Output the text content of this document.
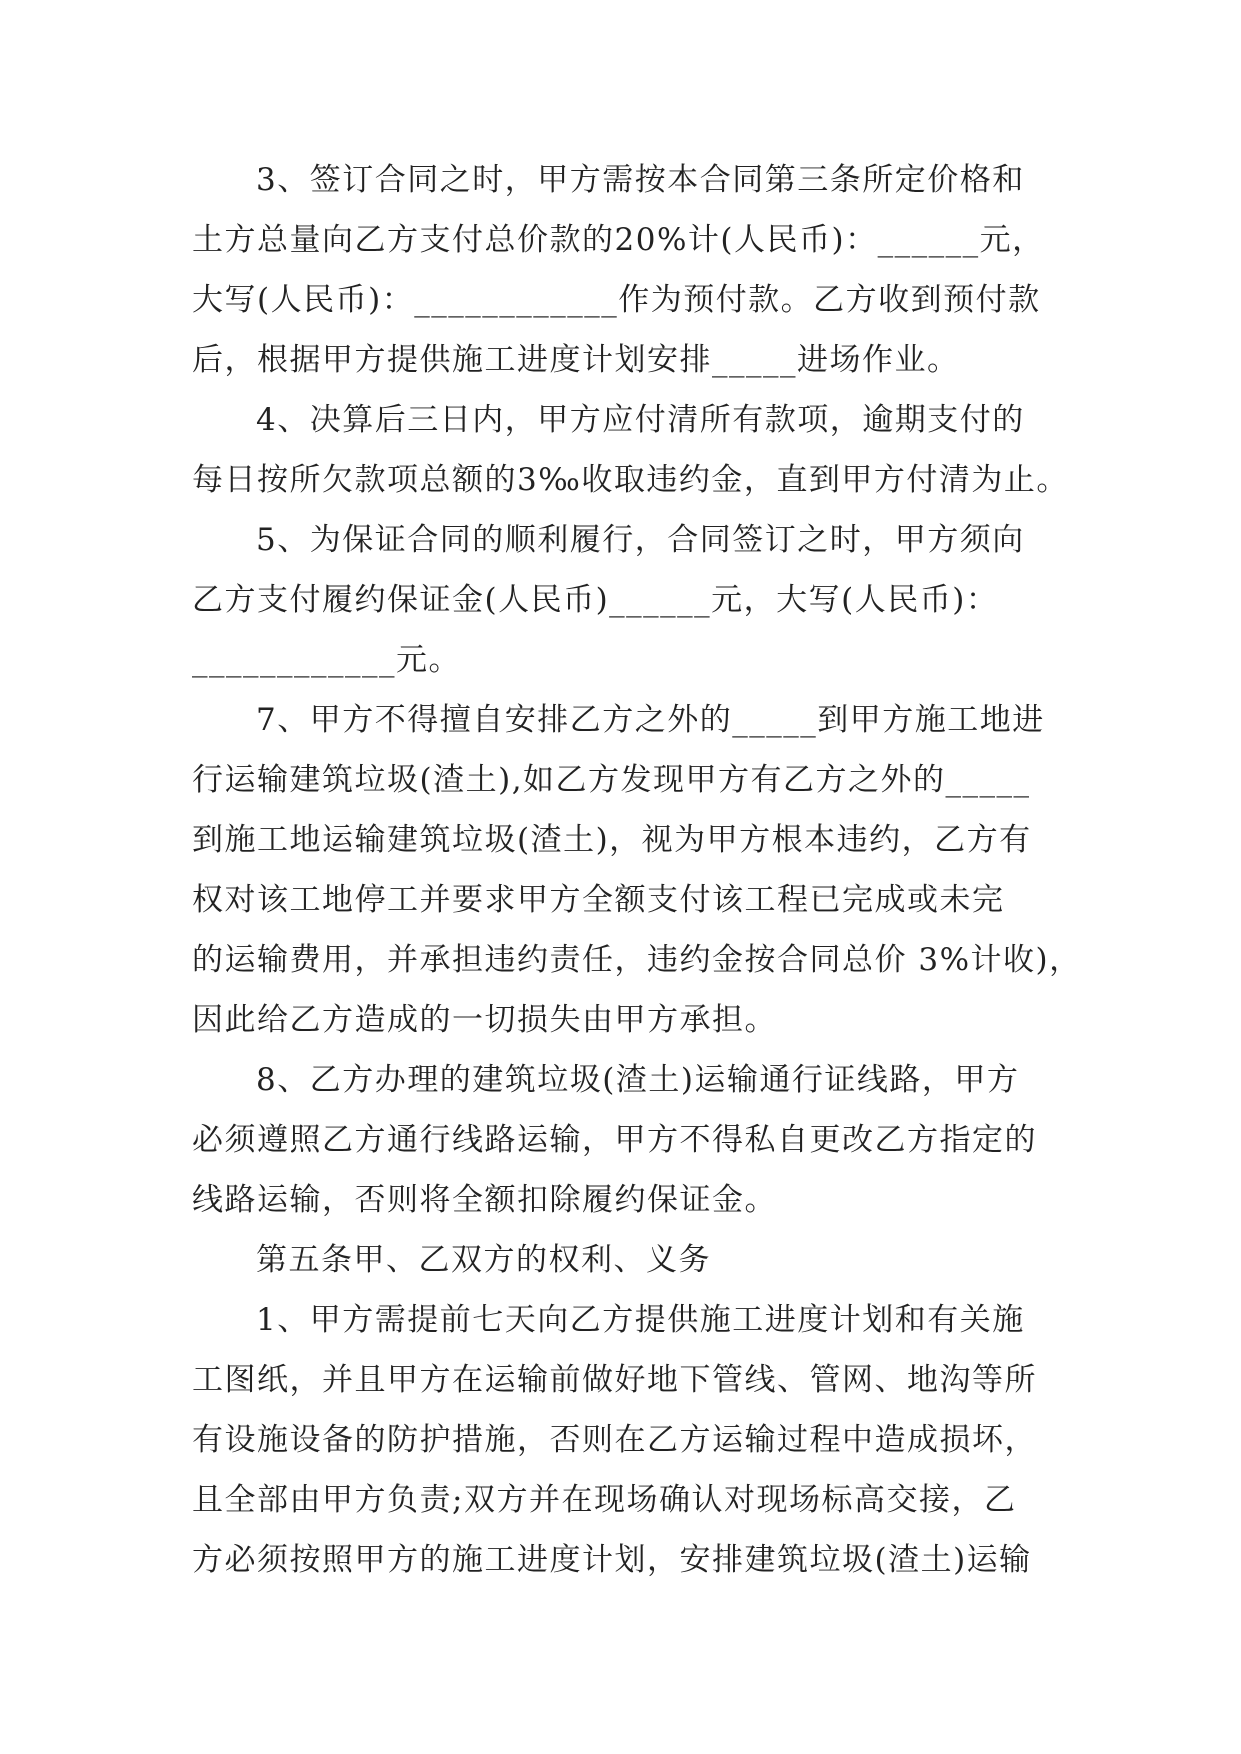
3、签订合同之时，甲方需按本合同第三条所定价格和
土方总量向乙方支付总价款的20%计(人民币)：______元，
大写(人民币)：____________作为预付款。乙方收到预付款
后，根据甲方提供施工进度计划安排_____进场作业。
4、决算后三日内，甲方应付清所有款项，逾期支付的
每日按所欠款项总额的3‰收取违约金，直到甲方付清为止。
5、为保证合同的顺利履行，合同签订之时，甲方须向
乙方支付履约保证金(人民币)______元，大写(人民币)：
____________元。
7、甲方不得擅自安排乙方之外的_____到甲方施工地进
行运输建筑垃圾(渣土),如乙方发现甲方有乙方之外的_____
到施工地运输建筑垃圾(渣土)，视为甲方根本违约，乙方有
权对该工地停工并要求甲方全额支付该工程已完成或未完
的运输费用，并承担违约责任，违约金按合同总价 3%计收)，
因此给乙方造成的一切损失由甲方承担。
8、乙方办理的建筑垃圾(渣土)运输通行证线路，甲方
必须遵照乙方通行线路运输，甲方不得私自更改乙方指定的
线路运输，否则将全额扣除履约保证金。
第五条甲、乙双方的权利、义务
1、甲方需提前七天向乙方提供施工进度计划和有关施
工图纸，并且甲方在运输前做好地下管线、管网、地沟等所
有设施设备的防护措施，否则在乙方运输过程中造成损坏，
且全部由甲方负责;双方并在现场确认对现场标高交接，乙
方必须按照甲方的施工进度计划，安排建筑垃圾(渣土)运输
